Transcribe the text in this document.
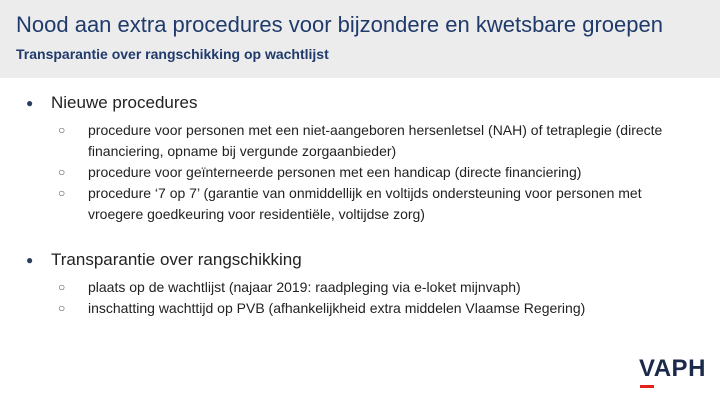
Nood aan extra procedures voor bijzondere en kwetsbare groepen
Transparantie over rangschikking op wachtlijst
●	Nieuwe procedures
○	procedure voor personen met een niet-aangeboren hersenletsel (NAH) of tetraplegie (directe financiering, opname bij vergunde zorgaanbieder)
○	procedure voor geïnterneerde personen met een handicap (directe financiering)
○	procedure ‘7 op 7’ (garantie van onmiddellijk en voltijds ondersteuning voor personen met vroegere goedkeuring voor residentiële, voltijdse zorg)
●	Transparantie over rangschikking
○	plaats op de wachtlijst (najaar 2019: raadpleging via e-loket mijnvaph)
○	inschatting wachttijd op PVB (afhankelijkheid extra middelen Vlaamse Regering)
VAPH
